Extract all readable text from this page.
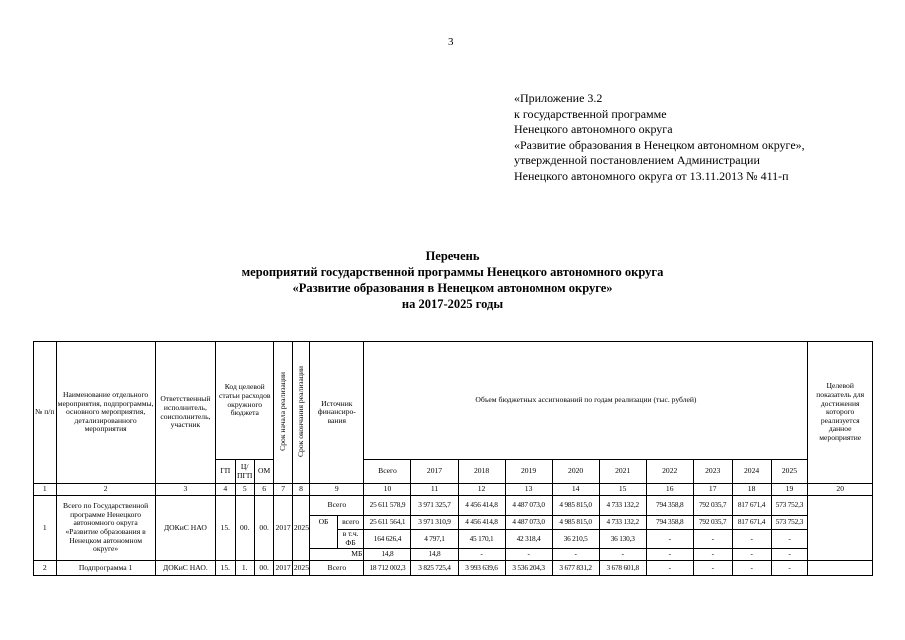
3
«Приложение 3.2
к государственной программе
Ненецкого автономного округа
«Развитие образования в Ненецком автономном округе»,
утвержденной постановлением Администрации
Ненецкого автономного округа от 13.11.2013 № 411-п
Перечень
мероприятий государственной программы Ненецкого автономного округа
«Развитие образования в Ненецком автономном округе»
на 2017-2025 годы
№ п/п	Наименование отдельного мероприятия, подпрограммы, основного мероприятия, детализированного мероприятия	Ответственный исполнитель, соисполнитель, участник	Код целевой статьи расходов окружного бюджета			Срок начала реализации	Срок окончания реализации	Источник финансиро-вания		Объем бюджетных ассигнований по годам реализации (тыс. рублей)										Целевой показатель для достижения которого реализуется данное мероприятие
			ГП	Ц/ ПГП	ОМ					Всего	2017	2018	2019	2020	2021	2022	2023	2024	2025	
1	2	3	4	5	6	7	8	9		10	11	12	13	14	15	16	17	18	19	20
1	Всего по Государственной программе Ненецкого автономного округа «Развитие образования в Ненецком автономном округе»	ДОКиС НАО	15.	00.	00.	2017	2025	Всего		25 611 578,9	3 971 325,7	4 456 414,8	4 487 073,0	4 985 815,0	4 733 132,2	794 358,8	792 035,7	817 671,4	573 752,3	
								ОБ	всего	25 611 564,1	3 971 310,9	4 456 414,8	4 487 073,0	4 985 815,0	4 733 132,2	794 358,8	792 035,7	817 671,4	573 752,3	
									в т.ч. ФБ	164 626,4	4 797,1	45 170,1	42 318,4	36 210,5	36 130,3	-	-	-	-	
								МБ		14,8	14,8	-	-	-	-	-	-	-	-	
2	Подпрограмма 1	ДОКиС НАО.	15.	1.	00.	2017	2025	Всего		18 712 002,3	3 825 725,4	3 993 639,6	3 536 204,3	3 677 831,2	3 678 601,8	-	-	-	-	
